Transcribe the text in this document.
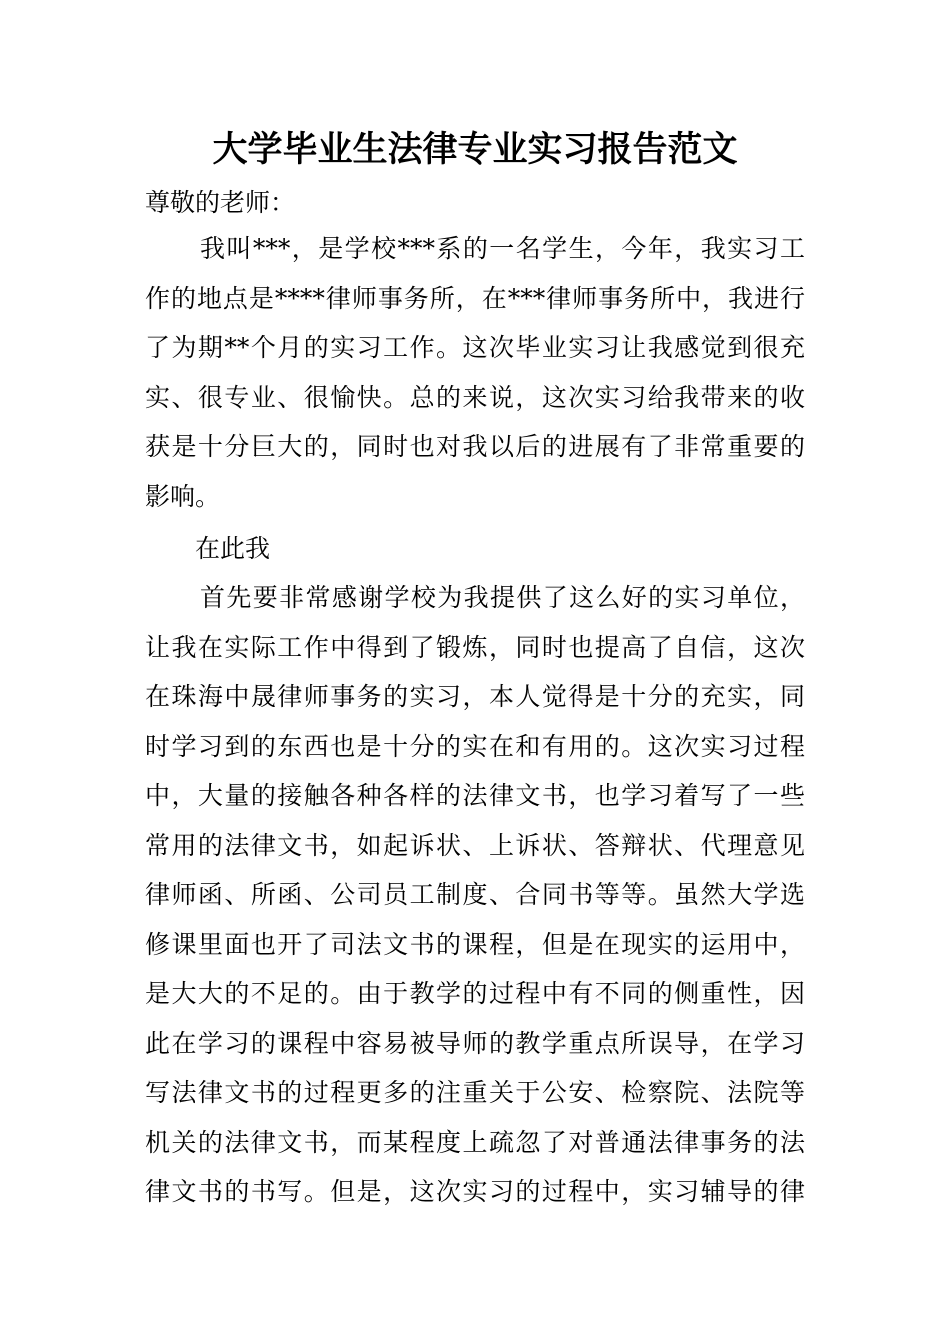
大学毕业生法律专业实习报告范文

尊敬的老师：

我叫***，是学校***系的一名学生，今年，我实习工
作的地点是****律师事务所，在***律师事务所中，我进行
了为期**个月的实习工作。这次毕业实习让我感觉到很充
实、很专业、很愉快。总的来说，这次实习给我带来的收
获是十分巨大的，同时也对我以后的进展有了非常重要的
影响。
在此我
首先要非常感谢学校为我提供了这么好的实习单位，
让我在实际工作中得到了锻炼，同时也提高了自信，这次
在珠海中晟律师事务的实习，本人觉得是十分的充实，同
时学习到的东西也是十分的实在和有用的。这次实习过程
中，大量的接触各种各样的法律文书，也学习着写了一些
常用的法律文书，如起诉状、上诉状、答辩状、代理意见
律师函、所函、公司员工制度、合同书等等。虽然大学选
修课里面也开了司法文书的课程，但是在现实的运用中，
是大大的不足的。由于教学的过程中有不同的侧重性，因
此在学习的课程中容易被导师的教学重点所误导，在学习
写法律文书的过程更多的注重关于公安、检察院、法院等
机关的法律文书，而某程度上疏忽了对普通法律事务的法
律文书的书写。但是，这次实习的过程中，实习辅导的律
